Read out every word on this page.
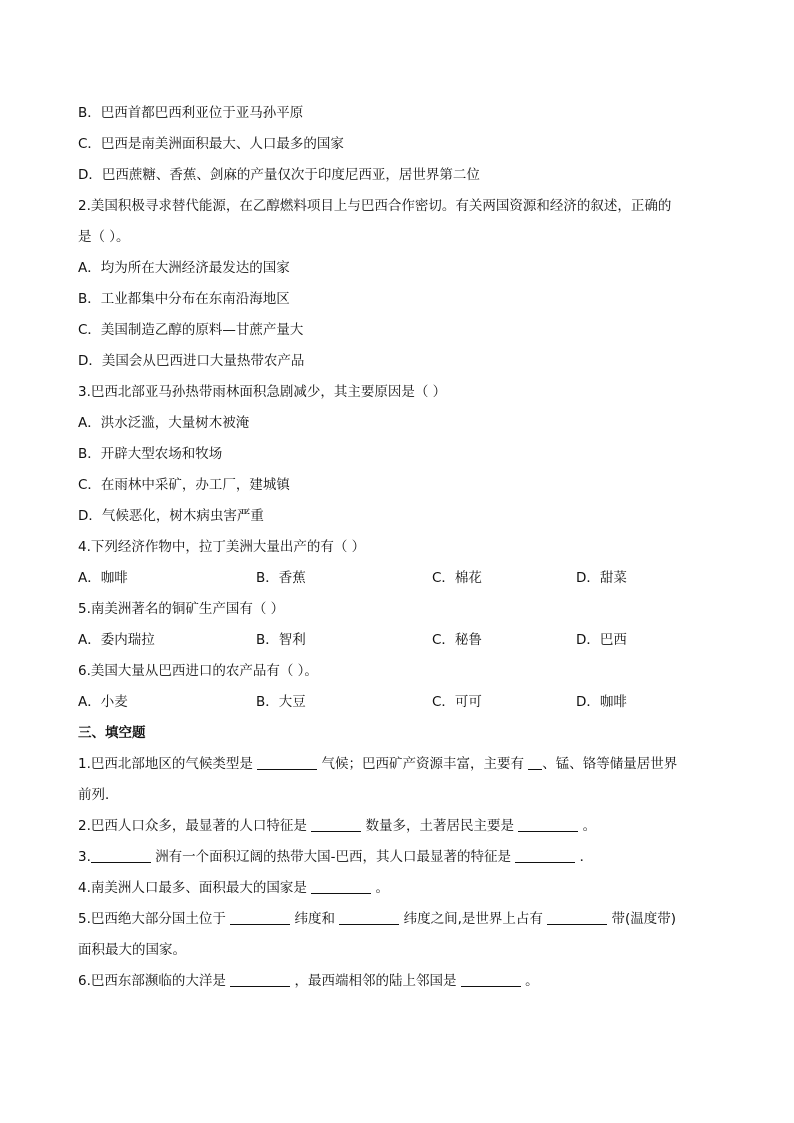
B．巴西首都巴西利亚位于亚马孙平原
C．巴西是南美洲面积最大、人口最多的国家
D．巴西蔗糖、香蕉、剑麻的产量仅次于印度尼西亚，居世界第二位
2.美国积极寻求替代能源，在乙醇燃料项目上与巴西合作密切。有关两国资源和经济的叙述，正确的
是（ ）。
A．均为所在大洲经济最发达的国家
B．工业都集中分布在东南沿海地区
C．美国制造乙醇的原料—甘蔗产量大
D．美国会从巴西进口大量热带农产品
3.巴西北部亚马孙热带雨林面积急剧减少，其主要原因是（ ）
A．洪水泛滥，大量树木被淹
B．开辟大型农场和牧场
C．在雨林中采矿，办工厂，建城镇
D．气候恶化，树木病虫害严重
4.下列经济作物中，拉丁美洲大量出产的有（ ）
A．咖啡	B．香蕉	C．棉花	D．甜菜
5.南美洲著名的铜矿生产国有（ ）
A．委内瑞拉	B．智利	C．秘鲁	D．巴西
6.美国大量从巴西进口的农产品有（ ）。
A．小麦	B．大豆	C．可可	D．咖啡
三、填空题
1.巴西北部地区的气候类型是	气候；巴西矿产资源丰富，主要有 、锰、铬等储量居世界
前列．
2.巴西人口众多，最显著的人口特征是	数量多，土著居民主要是	。
3.	洲有一个面积辽阔的热带大国-巴西，其人口最显著的特征是	．
4.南美洲人口最多、面积最大的国家是	。
5.巴西绝大部分国土位于	纬度和	纬度之间,是世界上占有	带(温度带)
面积最大的国家。
6.巴西东部濒临的大洋是	，最西端相邻的陆上邻国是	。
